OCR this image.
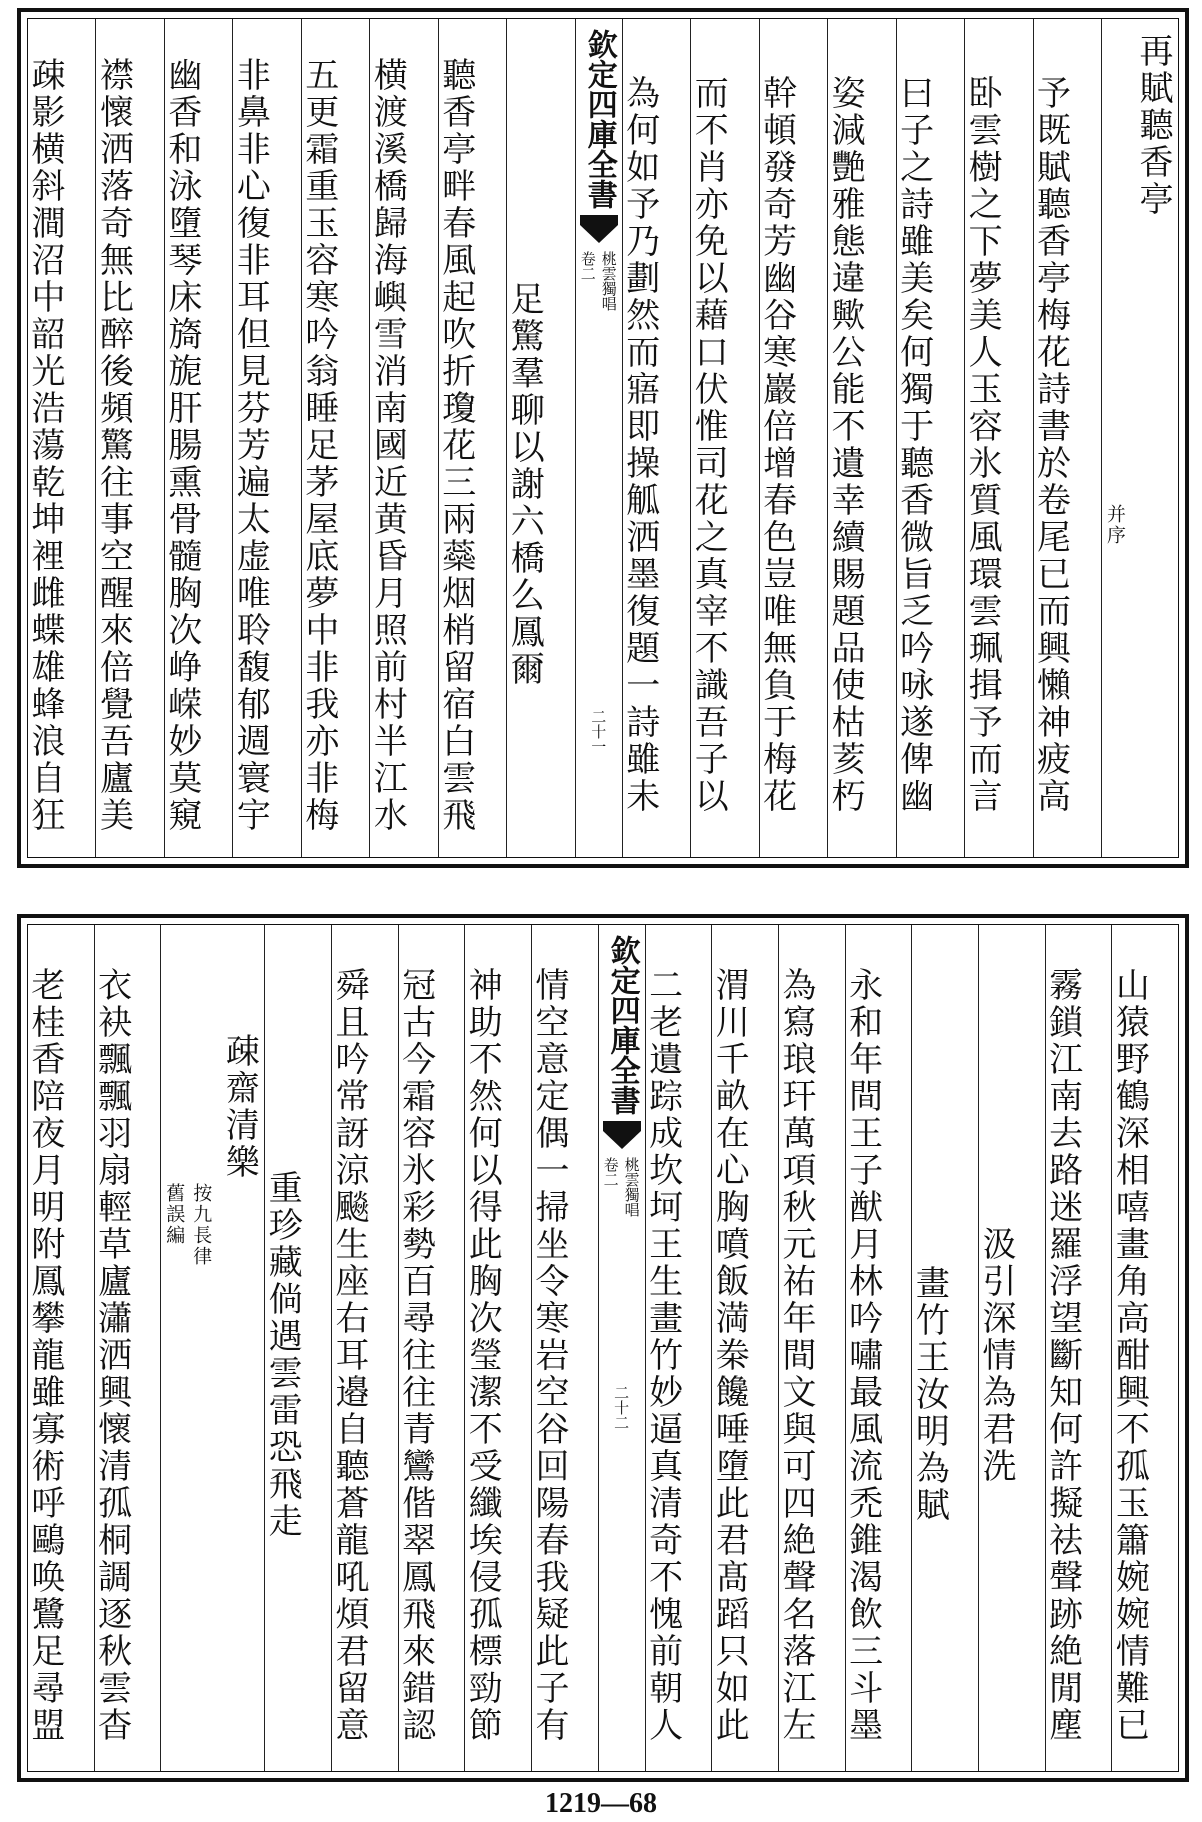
再賦聽香亭
并序
予既賦聽香亭梅花詩書於卷尾已而興懶神疲高
卧雲樹之下夢美人玉容氷質風環雲珮揖予而言
曰子之詩雖美矣何獨于聽香微旨乏吟咏遂俾幽
姿減艷雅態違歟公能不遺幸續賜題品使枯荄朽
幹頓發奇芳幽谷寒巖倍增春色豈唯無負于梅花
而不肖亦免以藉口伏惟司花之真宰不識吾子以
為何如予乃劃然而寤即操觚洒墨復題一詩雖未
欽定四庫全書
桃雲獨唱
卷二
二十一
足驚羣聊以謝六橋么鳳爾
聽香亭畔春風起吹折瓊花三兩蘂烟梢留宿白雲飛
横渡溪橋歸海嶼雪消南國近黄昏月照前村半江水
五更霜重玉容寒吟翁睡足茅屋底夢中非我亦非梅
非鼻非心復非耳但見芬芳遍太虚唯聆馥郁週寰宇
幽香和泳墮琴床旖旎肝腸熏骨髓胸次峥嵘妙莫窺
襟懷洒落奇無比醉後頻驚往事空醒來倍覺吾廬美
疎影横斜澗沼中韶光浩蕩乾坤裡雌蝶雄蜂浪自狂
山猿野鶴深相嘻畫角高酣興不孤玉簫婉婉情難已
霧鎖江南去路迷羅浮望斷知何許擬祛聲跡絶閒塵
汲引深情為君洗
畫竹王汝明為賦
永和年間王子猷月林吟嘯最風流禿錐渴飲三斗墨
為寫琅玕萬項秋元祐年間文與可四絶聲名落江左
渭川千畝在心胸噴飯満桊饞唾墮此君髙蹈只如此
二老遺踪成坎坷王生畫竹妙逼真清奇不愧前朝人
欽定四庫全書
桃雲獨唱
卷二
二十二
情空意定偶一掃坐令寒岩空谷回陽春我疑此子有
神助不然何以得此胸次瑩潔不受纖埃侵孤標勁節
冠古今霜容氷彩勢百尋往往青鸞偕翠鳳飛來錯認
舜且吟常訝涼飈生座右耳邉自聽蒼龍吼煩君留意
重珍藏倘遇雲雷恐飛走
疎齋清樂
按九長律
舊誤編
衣袂飄飄羽扇輕草廬瀟洒興懷清孤桐調逐秋雲杳
老桂香陪夜月明附鳳攀龍雖寡術呼鷗唤鷺足尋盟
1219—68
